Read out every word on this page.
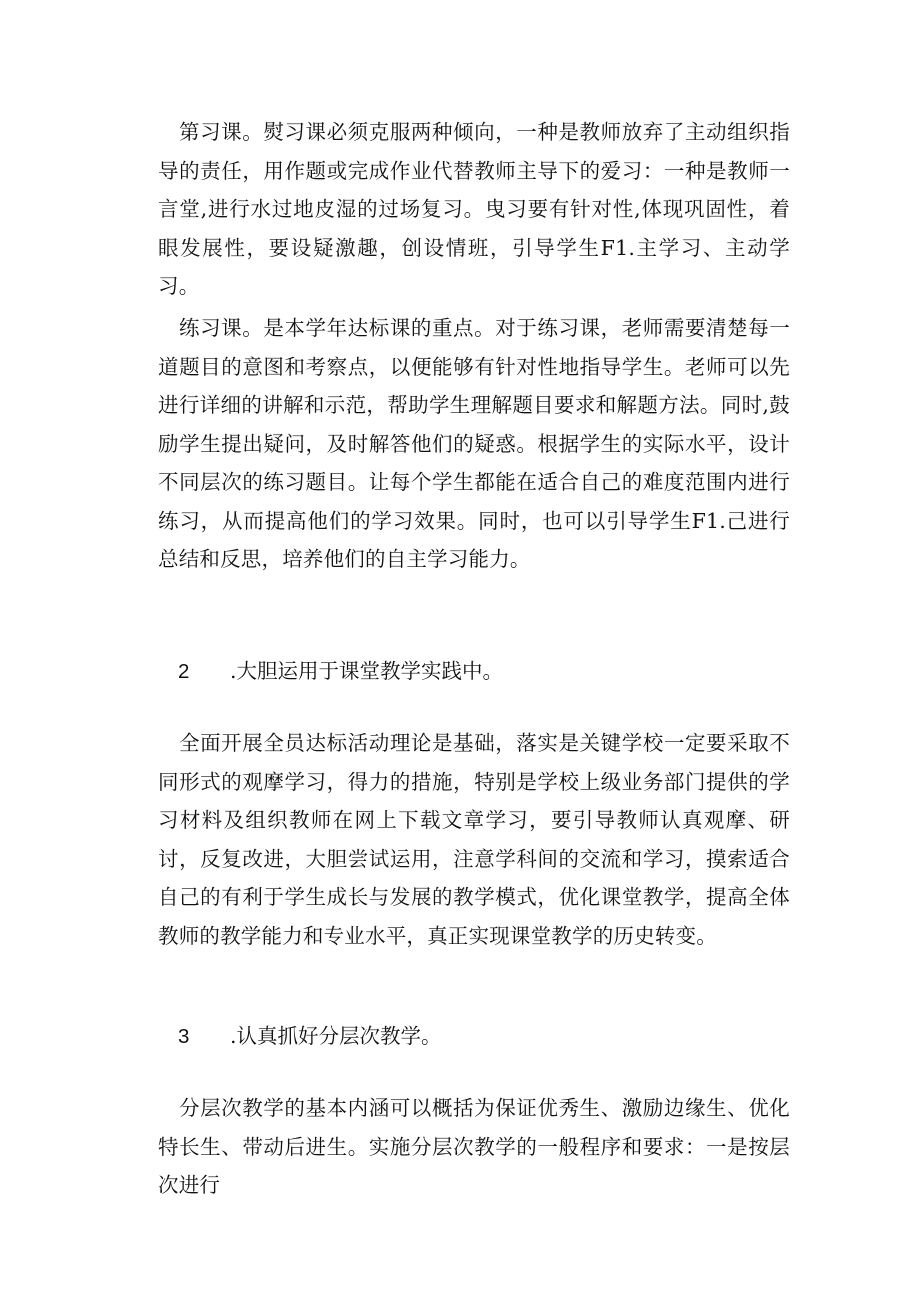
第习课。熨习课必须克服两种倾向，一种是教师放弃了主动组织指导的责任，用作题或完成作业代替教师主导下的爱习：一种是教师一言堂,进行水过地皮湿的过场复习。曳习要有针对性,体现巩固性，着眼发展性，要设疑激趣，创设情班，引导学生F1.主学习、主动学习。

练习课。是本学年达标课的重点。对于练习课，老师需要清楚每一道题目的意图和考察点，以便能够有针对性地指导学生。老师可以先进行详细的讲解和示范，帮助学生理解题目要求和解题方法。同时,鼓励学生提出疑问，及时解答他们的疑惑。根据学生的实际水平，设计不同层次的练习题目。让每个学生都能在适合自己的难度范围内进行练习，从而提高他们的学习效果。同时，也可以引导学生F1.己进行总结和反思，培养他们的自主学习能力。

2 .大胆运用于课堂教学实践中。

全面开展全员达标活动理论是基础，落实是关键学校一定要采取不同形式的观摩学习，得力的措施，特别是学校上级业务部门提供的学习材料及组织教师在网上下载文章学习，要引导教师认真观摩、研讨，反复改进，大胆尝试运用，注意学科间的交流和学习，摸索适合自己的有利于学生成长与发展的教学模式，优化课堂教学，提高全体教师的教学能力和专业水平，真正实现课堂教学的历史转变。

3 .认真抓好分层次教学。

分层次教学的基本内涵可以概括为保证优秀生、激励边缘生、优化特长生、带动后进生。实施分层次教学的一般程序和要求：一是按层次进行
